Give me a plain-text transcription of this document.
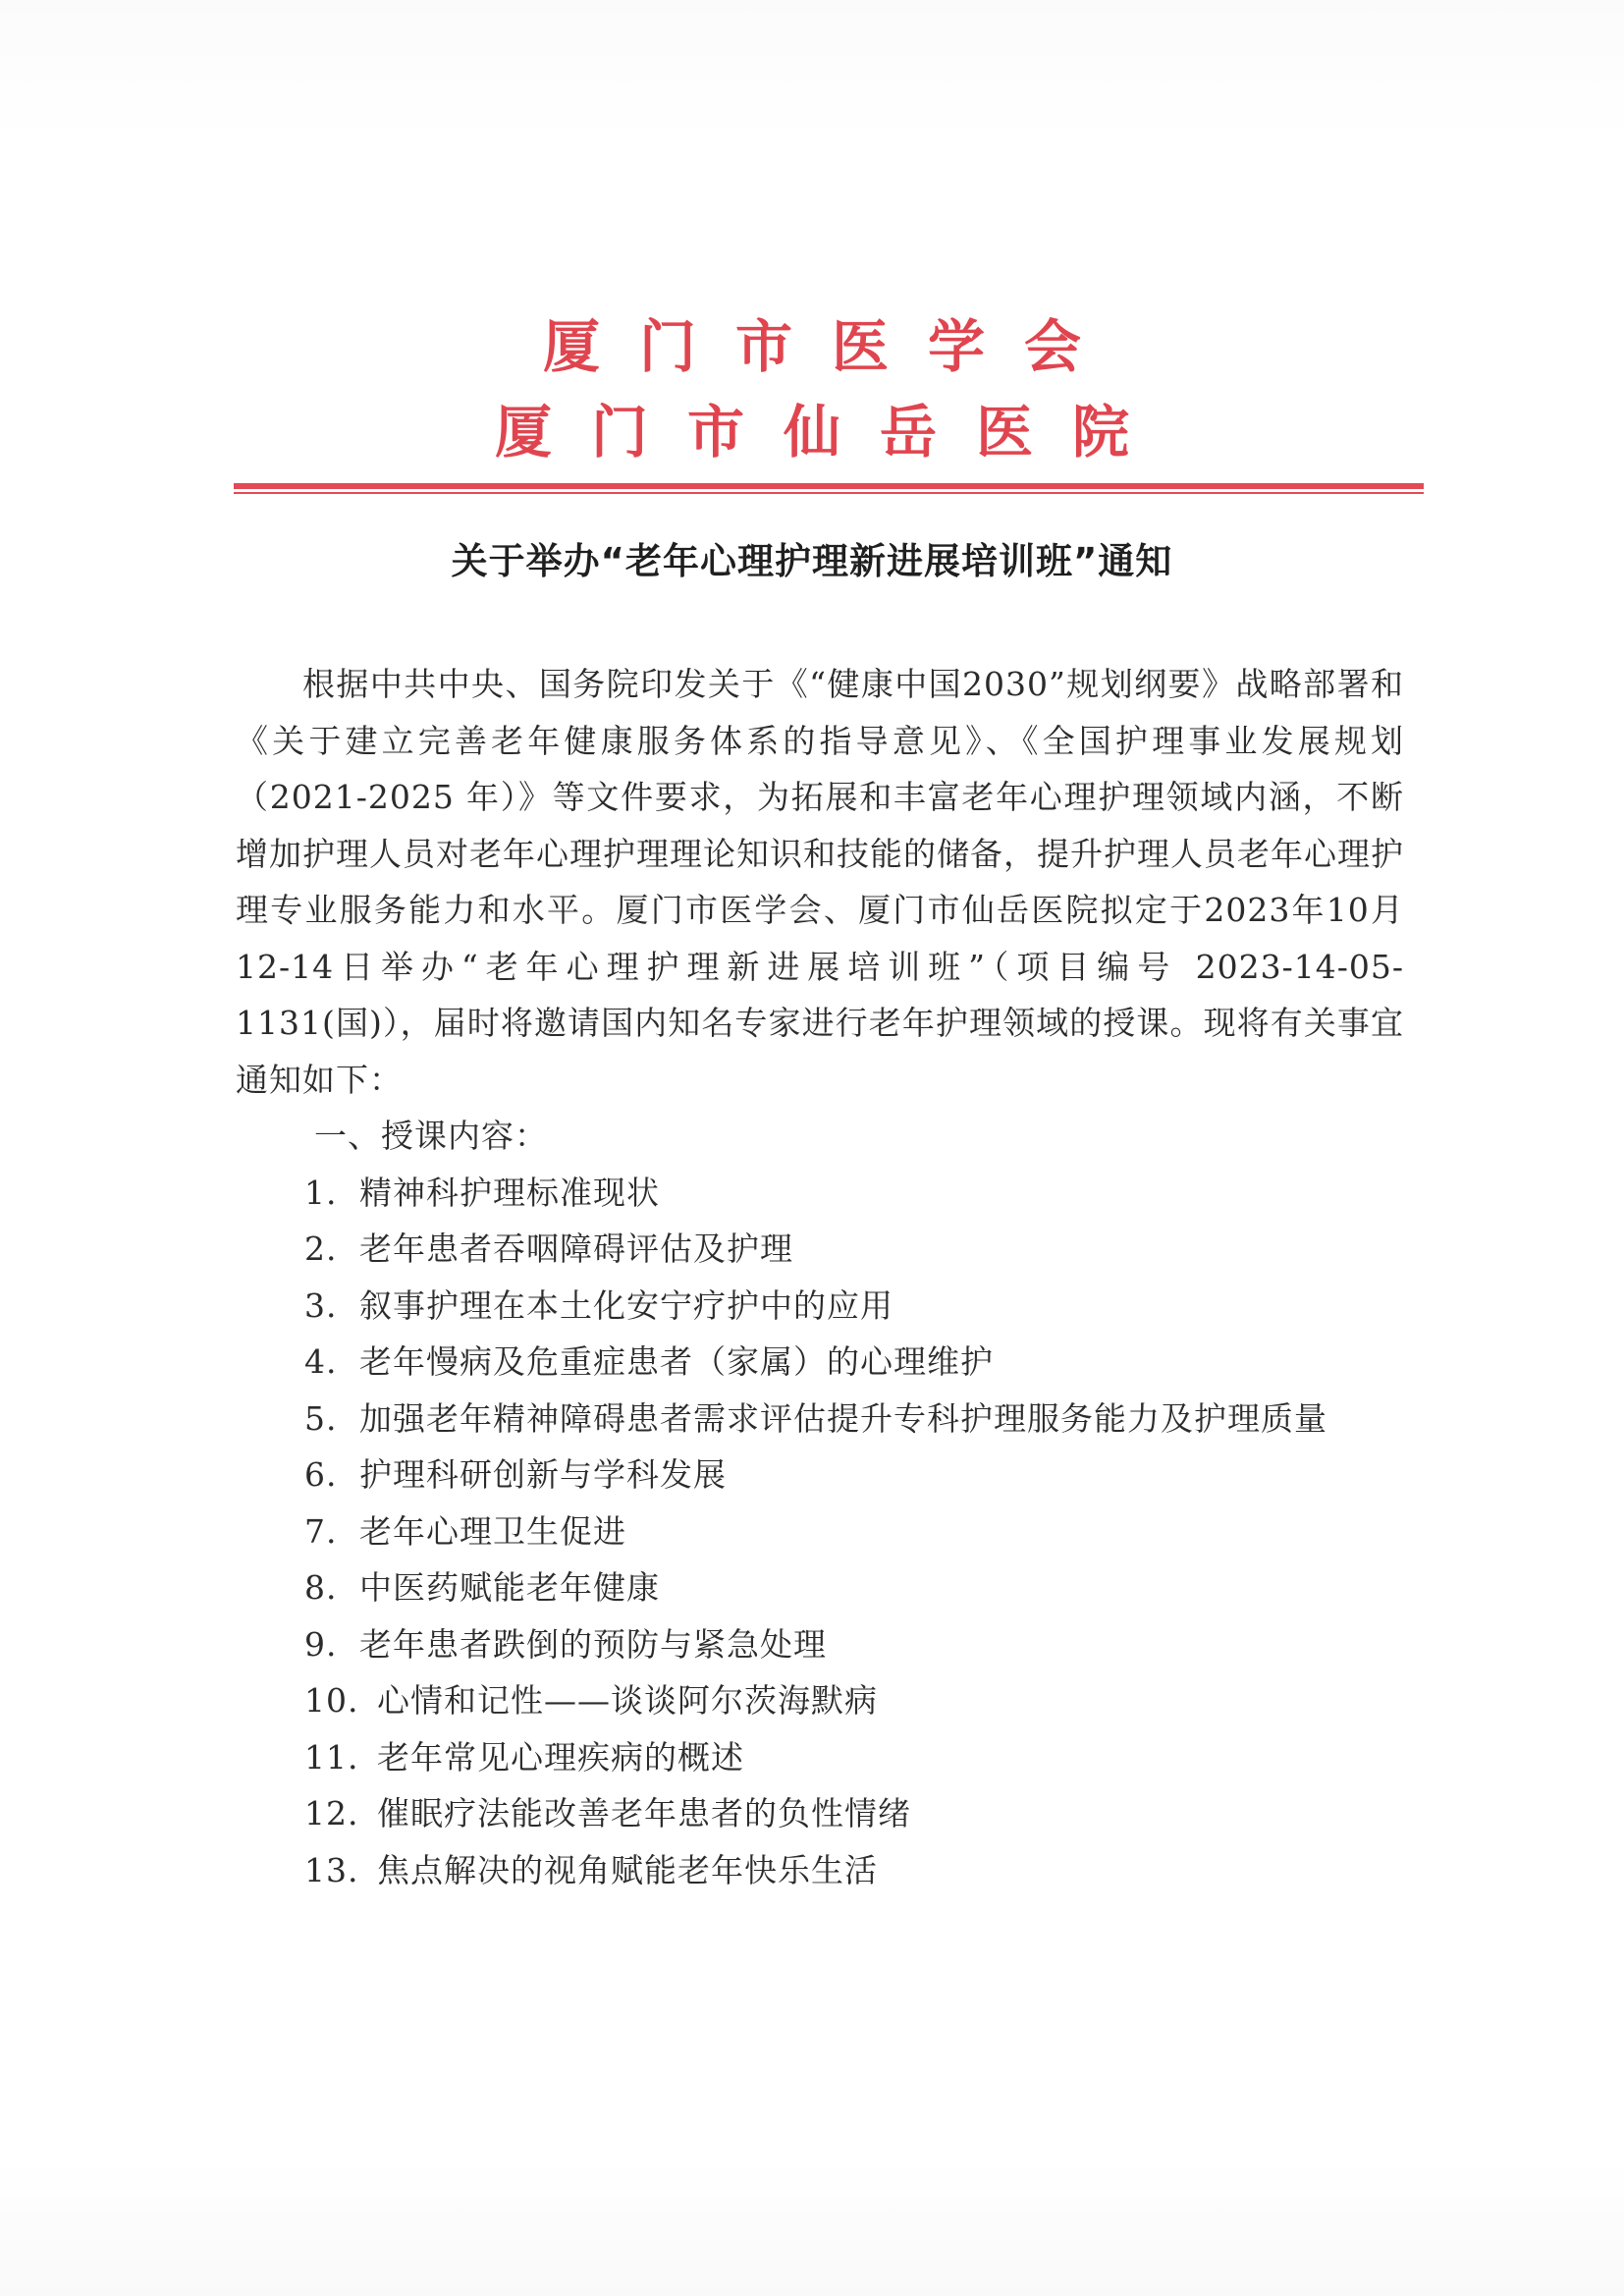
厦门市医学会
厦门市仙岳医院
关于举办“老年心理护理新进展培训班”通知

根据中共中央、国务院印发关于《“健康中国2030”规划纲要》战略部署和《关于建立完善老年健康服务体系的指导意见》、《全国护理事业发展规划（2021-2025 年）》等文件要求，为拓展和丰富老年心理护理领域内涵，不断增加护理人员对老年心理护理理论知识和技能的储备，提升护理人员老年心理护理专业服务能力和水平。厦门市医学会、厦门市仙岳医院拟定于2023年10月12-14日举办“老年心理护理新进展培训班”（项目编号 2023-14-05-1131(国)），届时将邀请国内知名专家进行老年护理领域的授课。现将有关事宜通知如下：

一、授课内容：

1. 精神科护理标准现状
2. 老年患者吞咽障碍评估及护理
3. 叙事护理在本土化安宁疗护中的应用
4. 老年慢病及危重症患者（家属）的心理维护
5. 加强老年精神障碍患者需求评估提升专科护理服务能力及护理质量
6. 护理科研创新与学科发展
7. 老年心理卫生促进
8. 中医药赋能老年健康
9. 老年患者跌倒的预防与紧急处理
10. 心情和记性——谈谈阿尔茨海默病
11. 老年常见心理疾病的概述
12. 催眠疗法能改善老年患者的负性情绪
13. 焦点解决的视角赋能老年快乐生活
